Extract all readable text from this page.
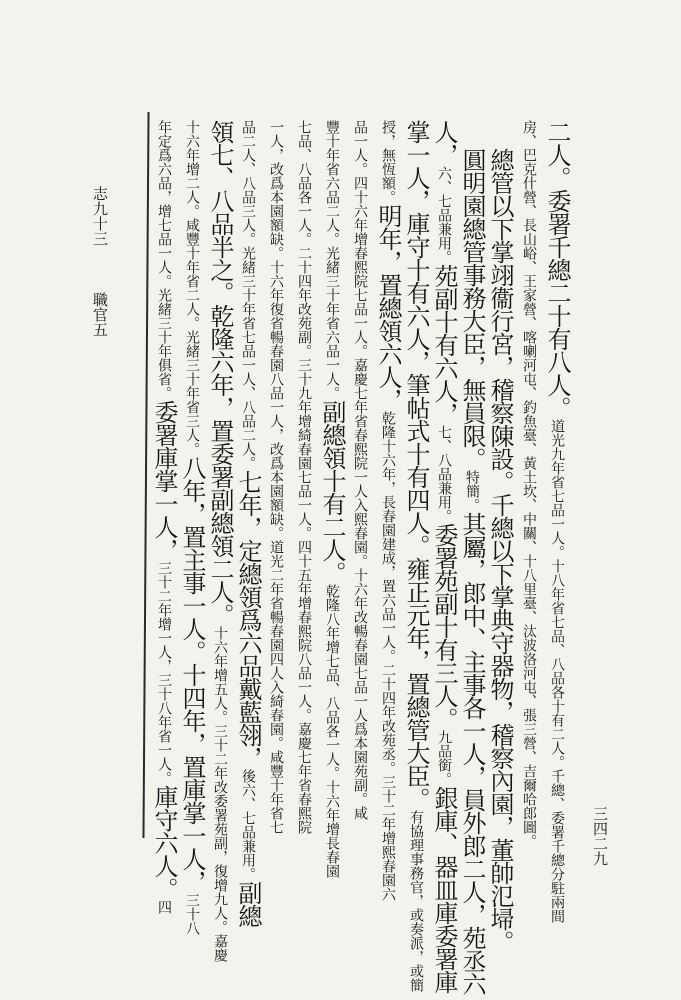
志九十三
職官五
三四二九
二人。委署千總二十有八人。道光九年省七品一人。十八年省七品、八品各十有二人。千總、委署千總分駐兩間
房、巴克什營、長山峪、王家營、喀喇河屯、釣魚臺、黃土坎、中關、十八里臺、汰波洛河屯、張三營、吉爾哈郎圖。
總管以下掌翊衞行宮，稽察陳設。千總以下掌典守器物，稽察內園，董帥氾埽。
圓明園總管事務大臣，無員限。特簡。其屬，郎中、主事各一人，員外郎二人，苑丞六
人，六、七品兼用。苑副十有六人，七、八品兼用。委署苑副十有三人。九品銜。銀庫、器皿庫委署庫
掌一人，庫守十有六人，筆帖式十有四人。雍正元年，置總管大臣。有協理事務官，或奏派，或簡
授，無恆額。明年，置總領六人，乾隆十六年，長春園建成，置六品一人。二十四年改苑丞。三十二年增熙春園六
品一人。四十六年增春熙院七品一人。嘉慶七年省春熙院一人入熙春園。十六年改暢春園七品一人爲本園苑副。咸
豐十年省六品二人。光緒三十年省六品一人。副總領十有二人。乾隆八年增七品、八品各一人。十六年增長春園
七品、八品各一人。二十四年改苑副。三十九年增綺春園七品一人。四十五年增春熙院八品一人。嘉慶七年省春熙院
一人，改爲本園額缺。十六年復省暢春園八品一人，改爲本園額缺。道光二年省暢春園四人入綺春園。咸豐十年省七
品二人、八品三人。光緒三十年省七品一人、八品二人。七年，定總領爲六品戴藍翎，後六、七品兼用。副總
領七、八品半之。乾隆六年，置委署副總領二人。十六年增五人。三十二年改委署苑副，復增九人。嘉慶
十六年增二人。咸豐十年省二人。光緒三十年省三人。八年，置主事一人。十四年，置庫掌一人，三十八
年定爲六品，增七品一人。光緒三十年俱省。委署庫掌一人，三十二年增一人，三十八年省一人。庫守六人。四
